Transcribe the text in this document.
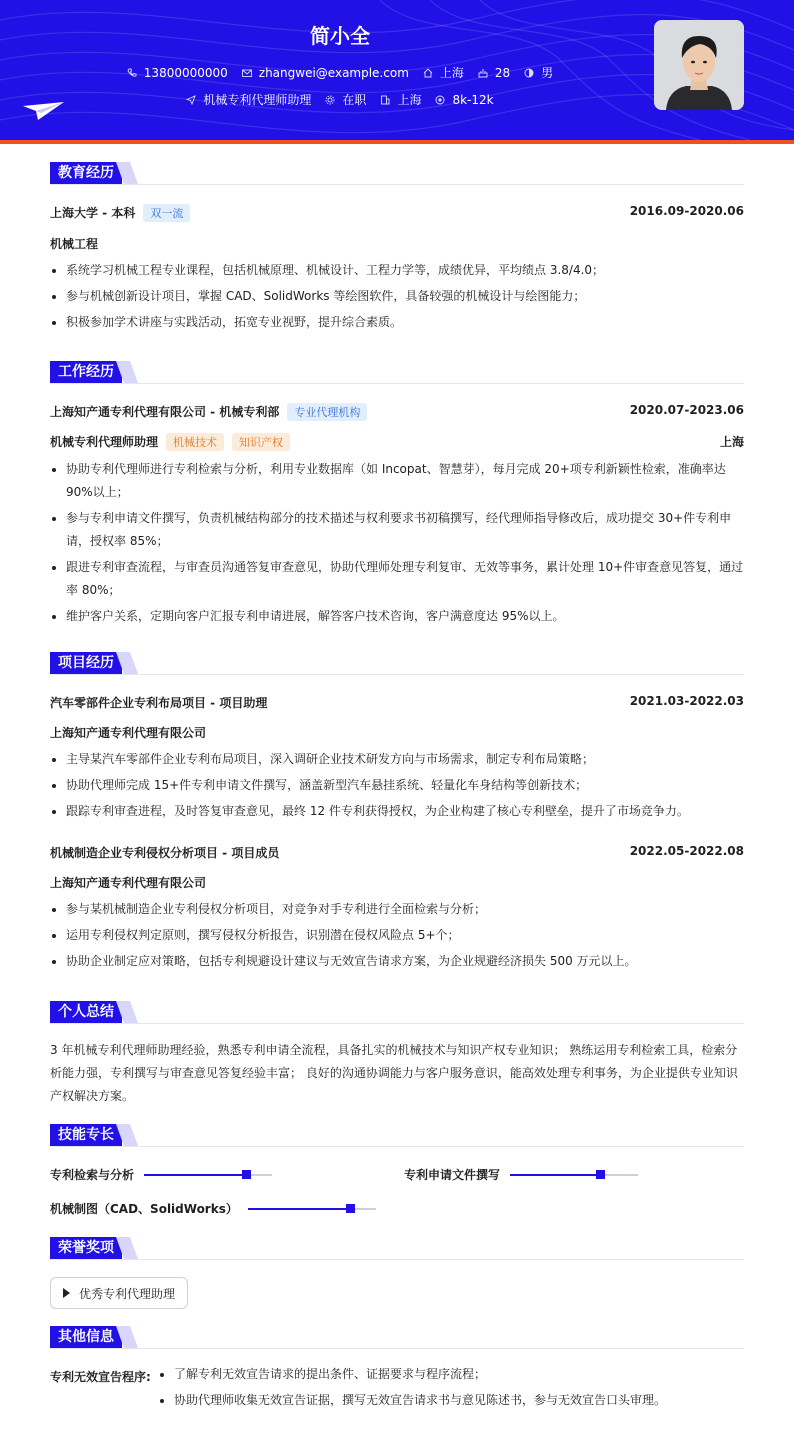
简小全
13800000000	zhangwei@example.com	上海	28	男
机械专利代理师助理	在职	上海	8k-12k
教育经历
上海大学 - 本科 双一流	2016.09-2020.06
机械工程
系统学习机械工程专业课程，包括机械原理、机械设计、工程力学等，成绩优异，平均绩点 3.8/4.0；
参与机械创新设计项目，掌握 CAD、SolidWorks 等绘图软件，具备较强的机械设计与绘图能力；
积极参加学术讲座与实践活动，拓宽专业视野，提升综合素质。
工作经历
上海知产通专利代理有限公司 - 机械专利部 专业代理机构	2020.07-2023.06
机械专利代理师助理 机械技术 知识产权	上海
协助专利代理师进行专利检索与分析，利用专业数据库（如 Incopat、智慧芽），每月完成 20+项专利新颖性检索，准确率达 90%以上；
参与专利申请文件撰写，负责机械结构部分的技术描述与权利要求书初稿撰写，经代理师指导修改后，成功提交 30+件专利申请，授权率 85%；
跟进专利审查流程，与审查员沟通答复审查意见，协助代理师处理专利复审、无效等事务，累计处理 10+件审查意见答复，通过率 80%；
维护客户关系，定期向客户汇报专利申请进展，解答客户技术咨询，客户满意度达 95%以上。
项目经历
汽车零部件企业专利布局项目 - 项目助理	2021.03-2022.03
上海知产通专利代理有限公司
主导某汽车零部件企业专利布局项目，深入调研企业技术研发方向与市场需求，制定专利布局策略；
协助代理师完成 15+件专利申请文件撰写，涵盖新型汽车悬挂系统、轻量化车身结构等创新技术；
跟踪专利审查进程，及时答复审查意见，最终 12 件专利获得授权，为企业构建了核心专利壁垒，提升了市场竞争力。
机械制造企业专利侵权分析项目 - 项目成员	2022.05-2022.08
上海知产通专利代理有限公司
参与某机械制造企业专利侵权分析项目，对竞争对手专利进行全面检索与分析；
运用专利侵权判定原则，撰写侵权分析报告，识别潜在侵权风险点 5+个；
协助企业制定应对策略，包括专利规避设计建议与无效宣告请求方案，为企业规避经济损失 500 万元以上。
个人总结
3 年机械专利代理师助理经验，熟悉专利申请全流程，具备扎实的机械技术与知识产权专业知识； 熟练运用专利检索工具，检索分析能力强，专利撰写与审查意见答复经验丰富； 良好的沟通协调能力与客户服务意识，能高效处理专利事务，为企业提供专业知识产权解决方案。
技能专长
专利检索与分析	专利申请文件撰写
机械制图（CAD、SolidWorks）
荣誉奖项
优秀专利代理助理
其他信息
专利无效宣告程序:	了解专利无效宣告请求的提出条件、证据要求与程序流程；
协助代理师收集无效宣告证据，撰写无效宣告请求书与意见陈述书，参与无效宣告口头审理。
